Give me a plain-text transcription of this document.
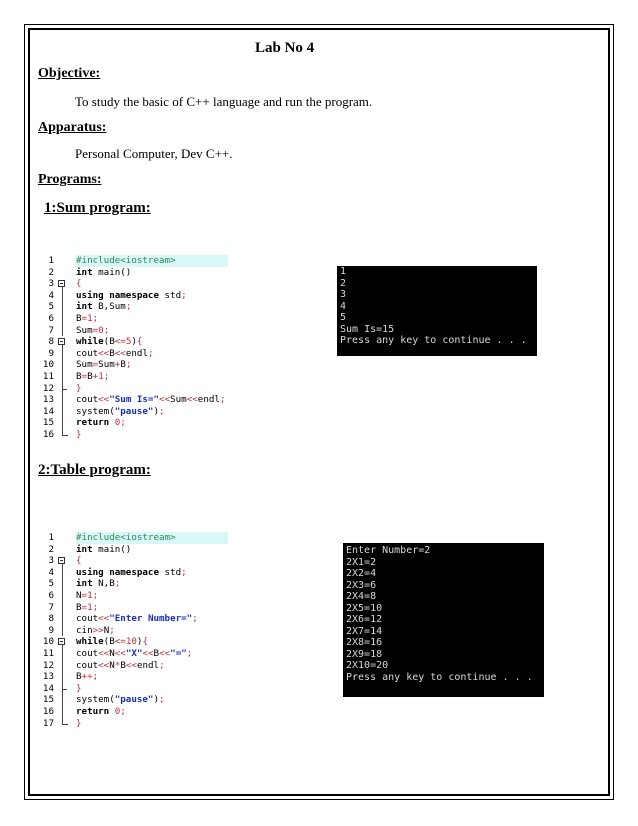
Lab No 4
Objective:
To study the basic of C++ language and run the program.
Apparatus:
Personal Computer, Dev C++.
Programs:
1:Sum program:
1 #include<iostream>
2 int main()
3 {
4 using namespace std;
5 int B,Sum;
6 B=1;
7 Sum=0;
8 while(B<=5){
9 cout<<B<<endl;
10 Sum=Sum+B;
11 B=B+1;
12 }
13 cout<<"Sum Is="<<Sum<<endl;
14 system("pause");
15 return 0;
16 }
1
2
3
4
5
Sum Is=15
Press any key to continue . . .
2:Table program:
1 #include<iostream>
2 int main()
3 {
4 using namespace std;
5 int N,B;
6 N=1;
7 B=1;
8 cout<<"Enter Number=";
9 cin>>N;
10 while(B<=10){
11 cout<<N<<"X"<<B<<"=";
12 cout<<N*B<<endl;
13 B++;
14 }
15 system("pause");
16 return 0;
17 }
Enter Number=2
2X1=2
2X2=4
2X3=6
2X4=8
2X5=10
2X6=12
2X7=14
2X8=16
2X9=18
2X10=20
Press any key to continue . . .
